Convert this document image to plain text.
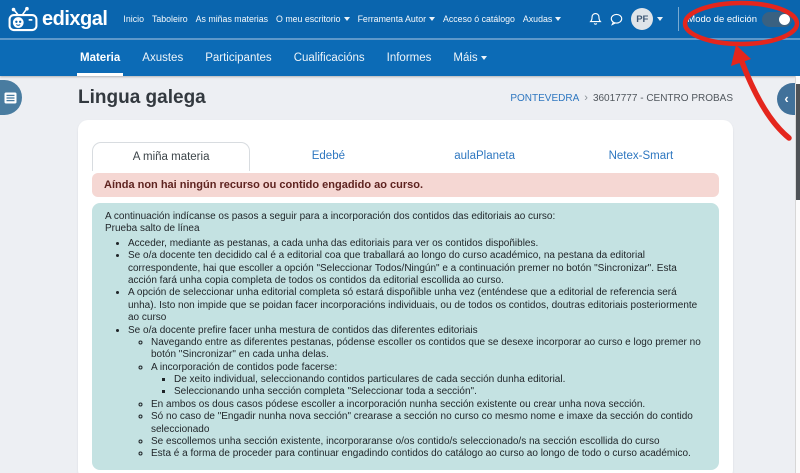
edixgal Inicio Taboleiro As miñas materias O meu escritorio Ferramenta Autor Acceso ó catálogo Axudas	PF	Modo de edición
Materia Axustes Participantes Cualificacións Informes Máis
‹
Lingua galega	PONTEVEDRA › 36017777 - CENTRO PROBAS
A miña materia	Edebé	aulaPlaneta	Netex-Smart
Aínda non hai ningún recurso ou contido engadido ao curso.

A continuación indícanse os pasos a seguir para a incorporación dos contidos das editoriais ao curso:

Prueba salto de línea

• Acceder, mediante as pestanas, a cada unha das editoriais para ver os contidos dispoñibles.
• Se o/a docente ten decidido cal é a editorial coa que traballará ao longo do curso académico, na pestana da editorial correspondente, hai que escoller a opción "Seleccionar Todos/Ningún" e a continuación premer no botón "Sincronizar". Esta acción fará unha copia completa de todos os contidos da editorial escollida ao curso.
• A opción de seleccionar unha editorial completa só estará dispoñible unha vez (enténdese que a editorial de referencia será unha). Isto non impide que se poidan facer incorporacións individuais, ou de todos os contidos, doutras editoriais posteriormente ao curso
• Se o/a docente prefire facer unha mestura de contidos das diferentes editoriais
◦ Navegando entre as diferentes pestanas, pódense escoller os contidos que se desexe incorporar ao curso e logo premer no botón "Sincronizar" en cada unha delas.
◦ A incorporación de contidos pode facerse:
▪ De xeito individual, seleccionando contidos particulares de cada sección dunha editorial.
▪ Seleccionando unha sección completa "Seleccionar toda a sección".
◦ En ambos os dous casos pódese escoller a incorporación nunha sección existente ou crear unha nova sección.
◦ Só no caso de "Engadir nunha nova sección" crearase a sección no curso co mesmo nome e imaxe da sección do contido seleccionado
◦ Se escollemos unha sección existente, incorporaranse o/os contido/s seleccionado/s na sección escollida do curso
◦ Esta é a forma de proceder para continuar engadindo contidos do catálogo ao curso ao longo de todo o curso académico.
